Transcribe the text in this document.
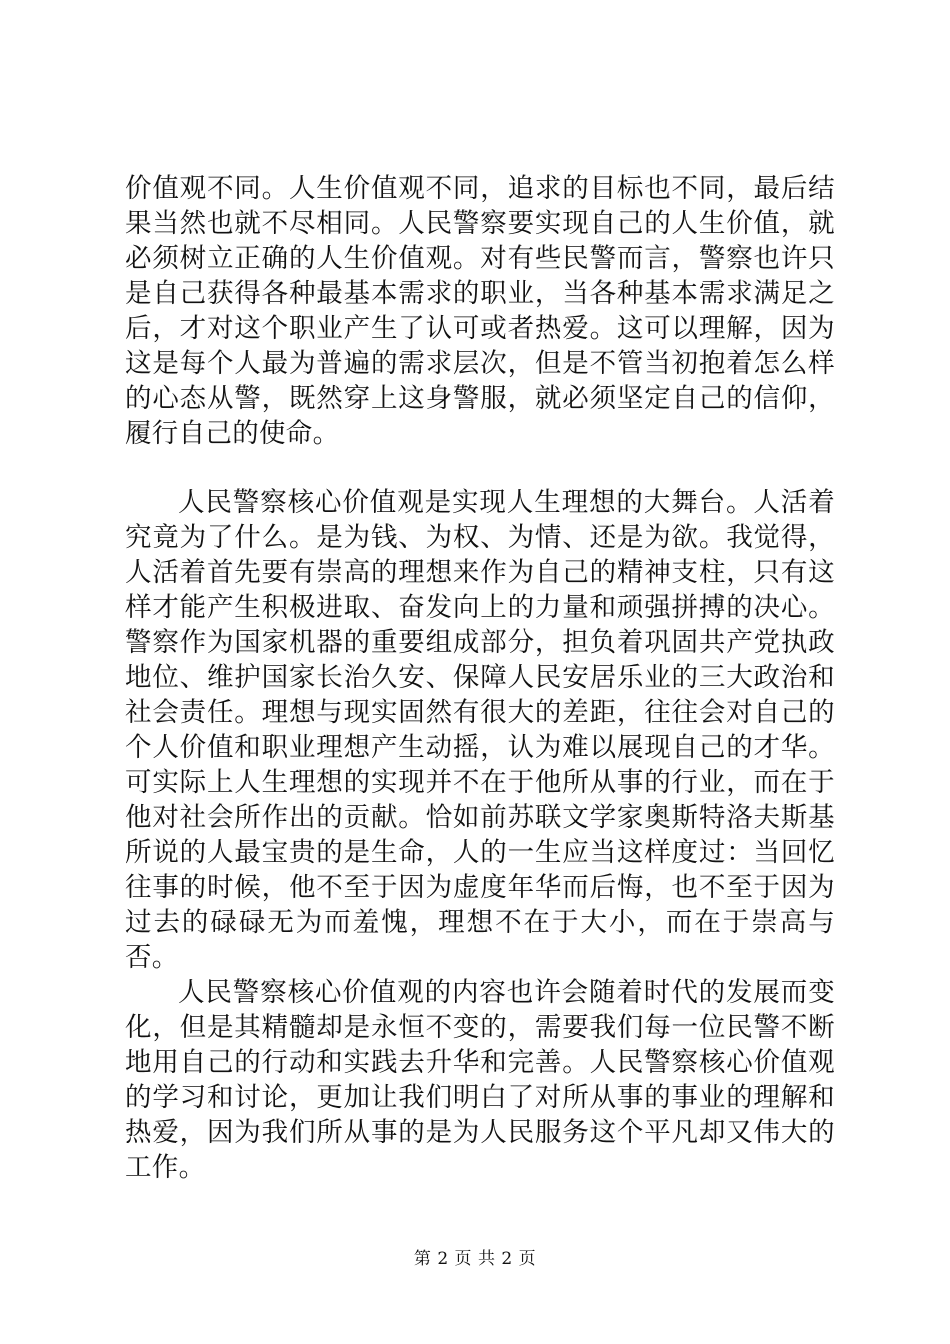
价值观不同。人生价值观不同，追求的目标也不同，最后结果当然也就不尽相同。人民警察要实现自己的人生价值，就必须树立正确的人生价值观。对有些民警而言，警察也许只是自己获得各种最基本需求的职业，当各种基本需求满足之后，才对这个职业产生了认可或者热爱。这可以理解，因为这是每个人最为普遍的需求层次，但是不管当初抱着怎么样的心态从警，既然穿上这身警服，就必须坚定自己的信仰，履行自己的使命。

人民警察核心价值观是实现人生理想的大舞台。人活着究竟为了什么。是为钱、为权、为情、还是为欲。我觉得，人活着首先要有崇高的理想来作为自己的精神支柱，只有这样才能产生积极进取、奋发向上的力量和顽强拼搏的决心。警察作为国家机器的重要组成部分，担负着巩固共产党执政地位、维护国家长治久安、保障人民安居乐业的三大政治和社会责任。理想与现实固然有很大的差距，往往会对自己的个人价值和职业理想产生动摇，认为难以展现自己的才华。可实际上人生理想的实现并不在于他所从事的行业，而在于他对社会所作出的贡献。恰如前苏联文学家奥斯特洛夫斯基所说的人最宝贵的是生命，人的一生应当这样度过：当回忆往事的时候，他不至于因为虚度年华而后悔，也不至于因为过去的碌碌无为而羞愧，理想不在于大小，而在于崇高与否。

人民警察核心价值观的内容也许会随着时代的发展而变化，但是其精髓却是永恒不变的，需要我们每一位民警不断地用自己的行动和实践去升华和完善。人民警察核心价值观的学习和讨论，更加让我们明白了对所从事的事业的理解和热爱，因为我们所从事的是为人民服务这个平凡却又伟大的工作。

第 2 页 共 2 页
